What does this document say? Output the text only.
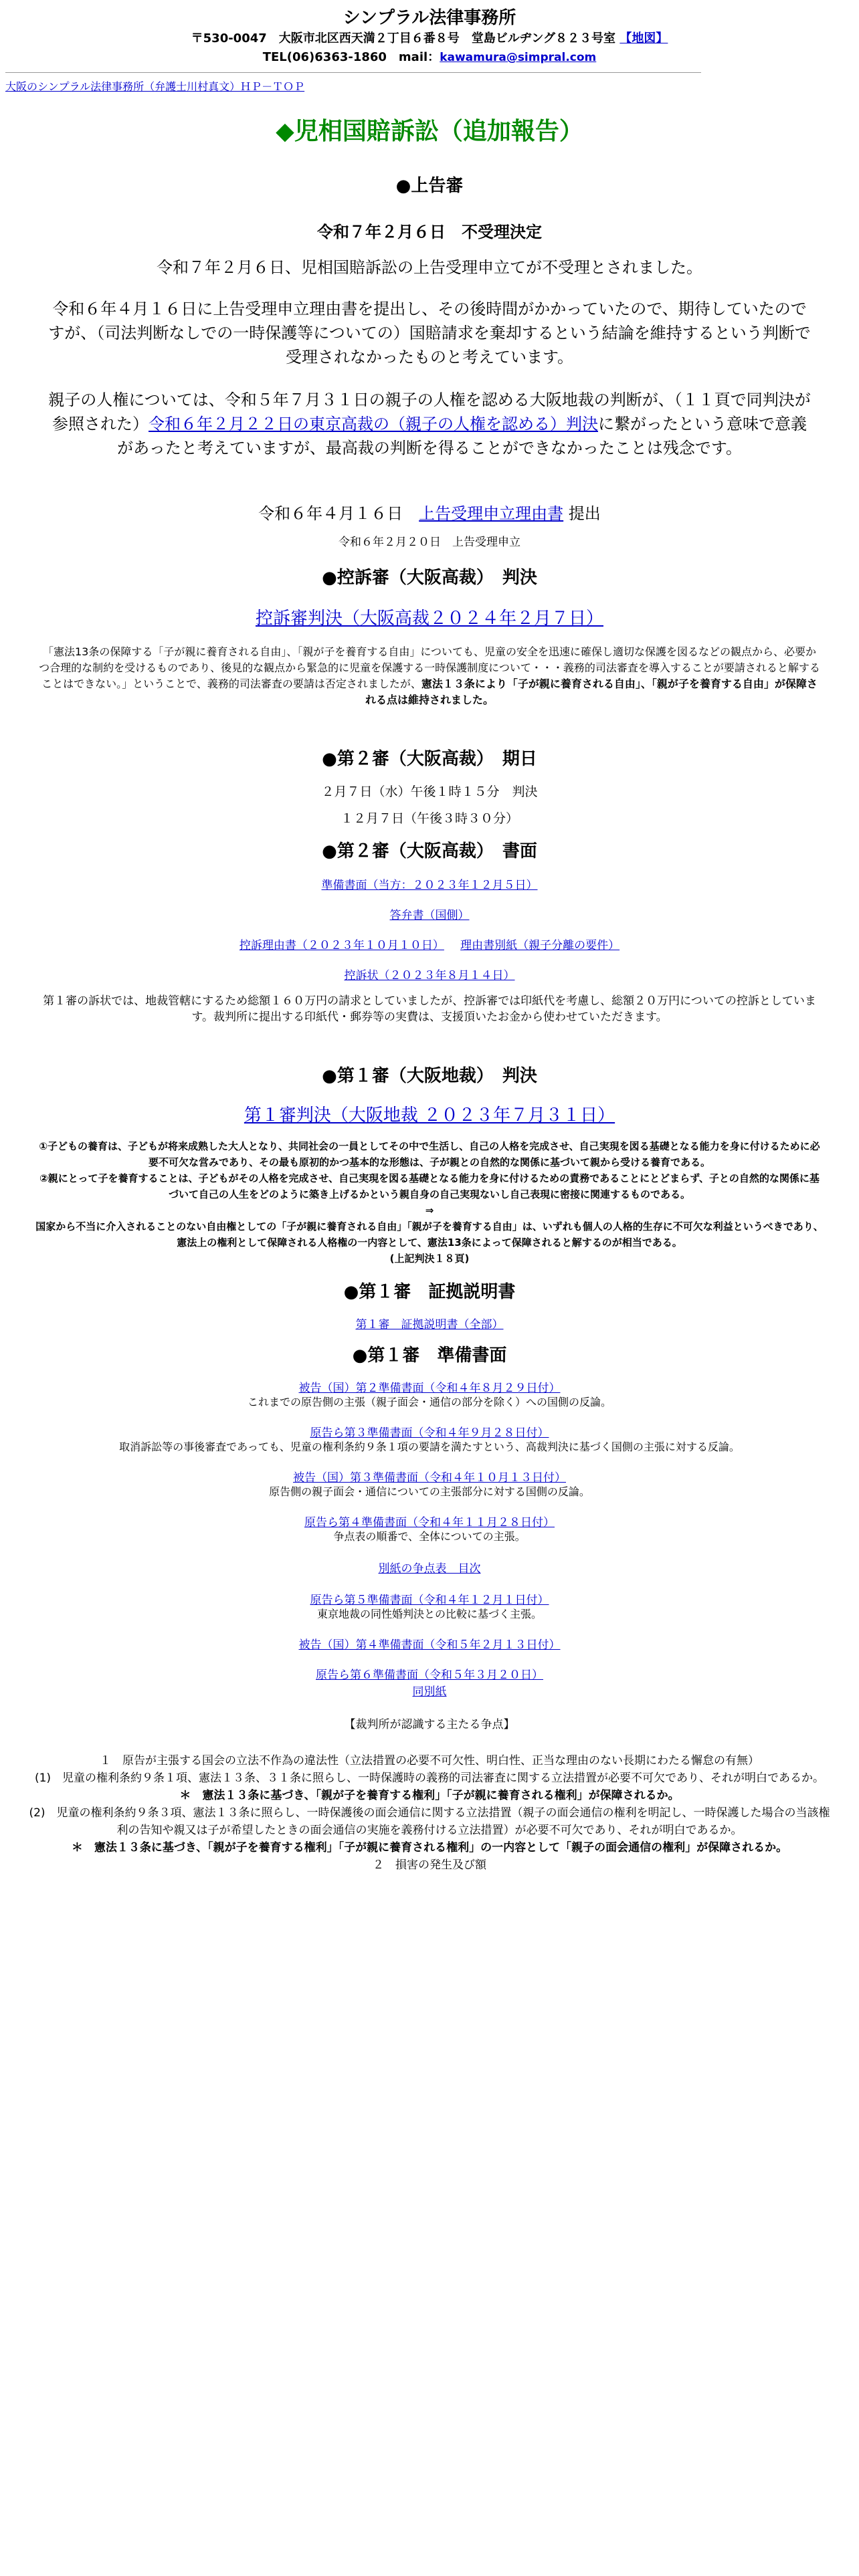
シンプラル法律事務所
〒530-0047　大阪市北区西天満２丁目６番８号　堂島ビルヂング８２３号室 【地図】
TEL(06)6363-1860　mail：kawamura@simpral.com
大阪のシンプラル法律事務所（弁護士川村真文）ＨＰ－ＴＯＰ
◆児相国賠訴訟（追加報告）
●上告審
令和７年２月６日　不受理決定
令和７年２月６日、児相国賠訴訟の上告受理申立てが不受理とされました。
令和６年４月１６日に上告受理申立理由書を提出し、その後時間がかかっていたので、期待していたのですが、（司法判断なしでの一時保護等についての）国賠請求を棄却するという結論を維持するという判断で受理されなかったものと考えています。
親子の人権については、令和５年７月３１日の親子の人権を認める大阪地裁の判断が、（１１頁で同判決が参照された）令和６年２月２２日の東京高裁の（親子の人権を認める）判決に繋がったという意味で意義があったと考えていますが、最高裁の判断を得ることができなかったことは残念です。
令和６年４月１６日　上告受理申立理由書 提出
令和６年２月２０日　上告受理申立
●控訴審（大阪高裁）　判決
控訴審判決（大阪高裁２０２４年２月７日）
「憲法13条の保障する「子が親に養育される自由」、「親が子を養育する自由」についても、児童の安全を迅速に確保し適切な保護を図るなどの観点から、必要かつ合理的な制約を受けるものであり、後見的な観点から緊急的に児童を保護する一時保護制度について・・・義務的司法審査を導入することが要請されると解することはできない。」ということで、義務的司法審査の要請は否定されましたが、憲法１３条により「子が親に養育される自由」、「親が子を養育する自由」が保障される点は維持されました。
●第２審（大阪高裁）　期日
２月７日（水）午後１時１５分　判決
１２月７日（午後３時３０分）
●第２審（大阪高裁）　書面
準備書面（当方：２０２３年１２月５日）
答弁書（国側）
控訴理由書（２０２３年１０月１０日） 理由書別紙（親子分離の要件）
控訴状（２０２３年８月１４日）
第１審の訴状では、地裁管轄にするため総額１６０万円の請求としていましたが、控訴審では印紙代を考慮し、総額２０万円についての控訴としています。裁判所に提出する印紙代・郵券等の実費は、支援頂いたお金から使わせていただきます。
●第１審（大阪地裁）　判決
第１審判決（大阪地裁 ２０２３年７月３１日）
①子どもの養育は、子どもが将来成熟した大人となり、共同社会の一員としてその中で生活し、自己の人格を完成させ、自己実現を図る基礎となる能力を身に付けるために必要不可欠な営みであり、その最も原初的かつ基本的な形態は、子が親との自然的な関係に基づいて親から受ける養育である。
②親にとって子を養育することは、子どもがその人格を完成させ、自己実現を図る基礎となる能力を身に付けるための責務であることにとどまらず、子との自然的な関係に基づいて自己の人生をどのように築き上げるかという親自身の自己実現ないし自己表現に密接に関連するものである。
⇒
国家から不当に介入されることのない自由権としての「子が親に養育される自由」「親が子を養育する自由」は、いずれも個人の人格的生存に不可欠な利益というべきであり、憲法上の権利として保障される人格権の一内容として、憲法13条によって保障されると解するのが相当である。
(上記判決１８頁)
●第１審　証拠説明書
第１審　証拠説明書（全部）
●第１審　準備書面
被告（国）第２準備書面（令和４年８月２９日付）
これまでの原告側の主張（親子面会・通信の部分を除く）への国側の反論。
原告ら第３準備書面（令和４年９月２８日付）
取消訴訟等の事後審査であっても、児童の権利条約９条１項の要請を満たすという、高裁判決に基づく国側の主張に対する反論。
被告（国）第３準備書面（令和４年１０月１３日付）
原告側の親子面会・通信についての主張部分に対する国側の反論。
原告ら第４準備書面（令和４年１１月２８日付）
争点表の順番で、全体についての主張。
別紙の争点表　目次
原告ら第５準備書面（令和４年１２月１日付）
東京地裁の同性婚判決との比較に基づく主張。
被告（国）第４準備書面（令和５年２月１３日付）
原告ら第６準備書面（令和５年３月２０日）
同別紙
【裁判所が認識する主たる争点】
１　原告が主張する国会の立法不作為の違法性（立法措置の必要不可欠性、明白性、正当な理由のない長期にわたる懈怠の有無）
(1)　児童の権利条約９条１項、憲法１３条、３１条に照らし、一時保護時の義務的司法審査に関する立法措置が必要不可欠であり、それが明白であるか。
＊　憲法１３条に基づき、「親が子を養育する権利」「子が親に養育される権利」が保障されるか。
(2)　児童の権利条約９条３項、憲法１３条に照らし、一時保護後の面会通信に関する立法措置（親子の面会通信の権利を明記し、一時保護した場合の当該権利の告知や親又は子が希望したときの面会通信の実施を義務付ける立法措置）が必要不可欠であり、それが明白であるか。
＊　憲法１３条に基づき、「親が子を養育する権利」「子が親に養育される権利」の一内容として「親子の面会通信の権利」が保障されるか。
２　損害の発生及び額
